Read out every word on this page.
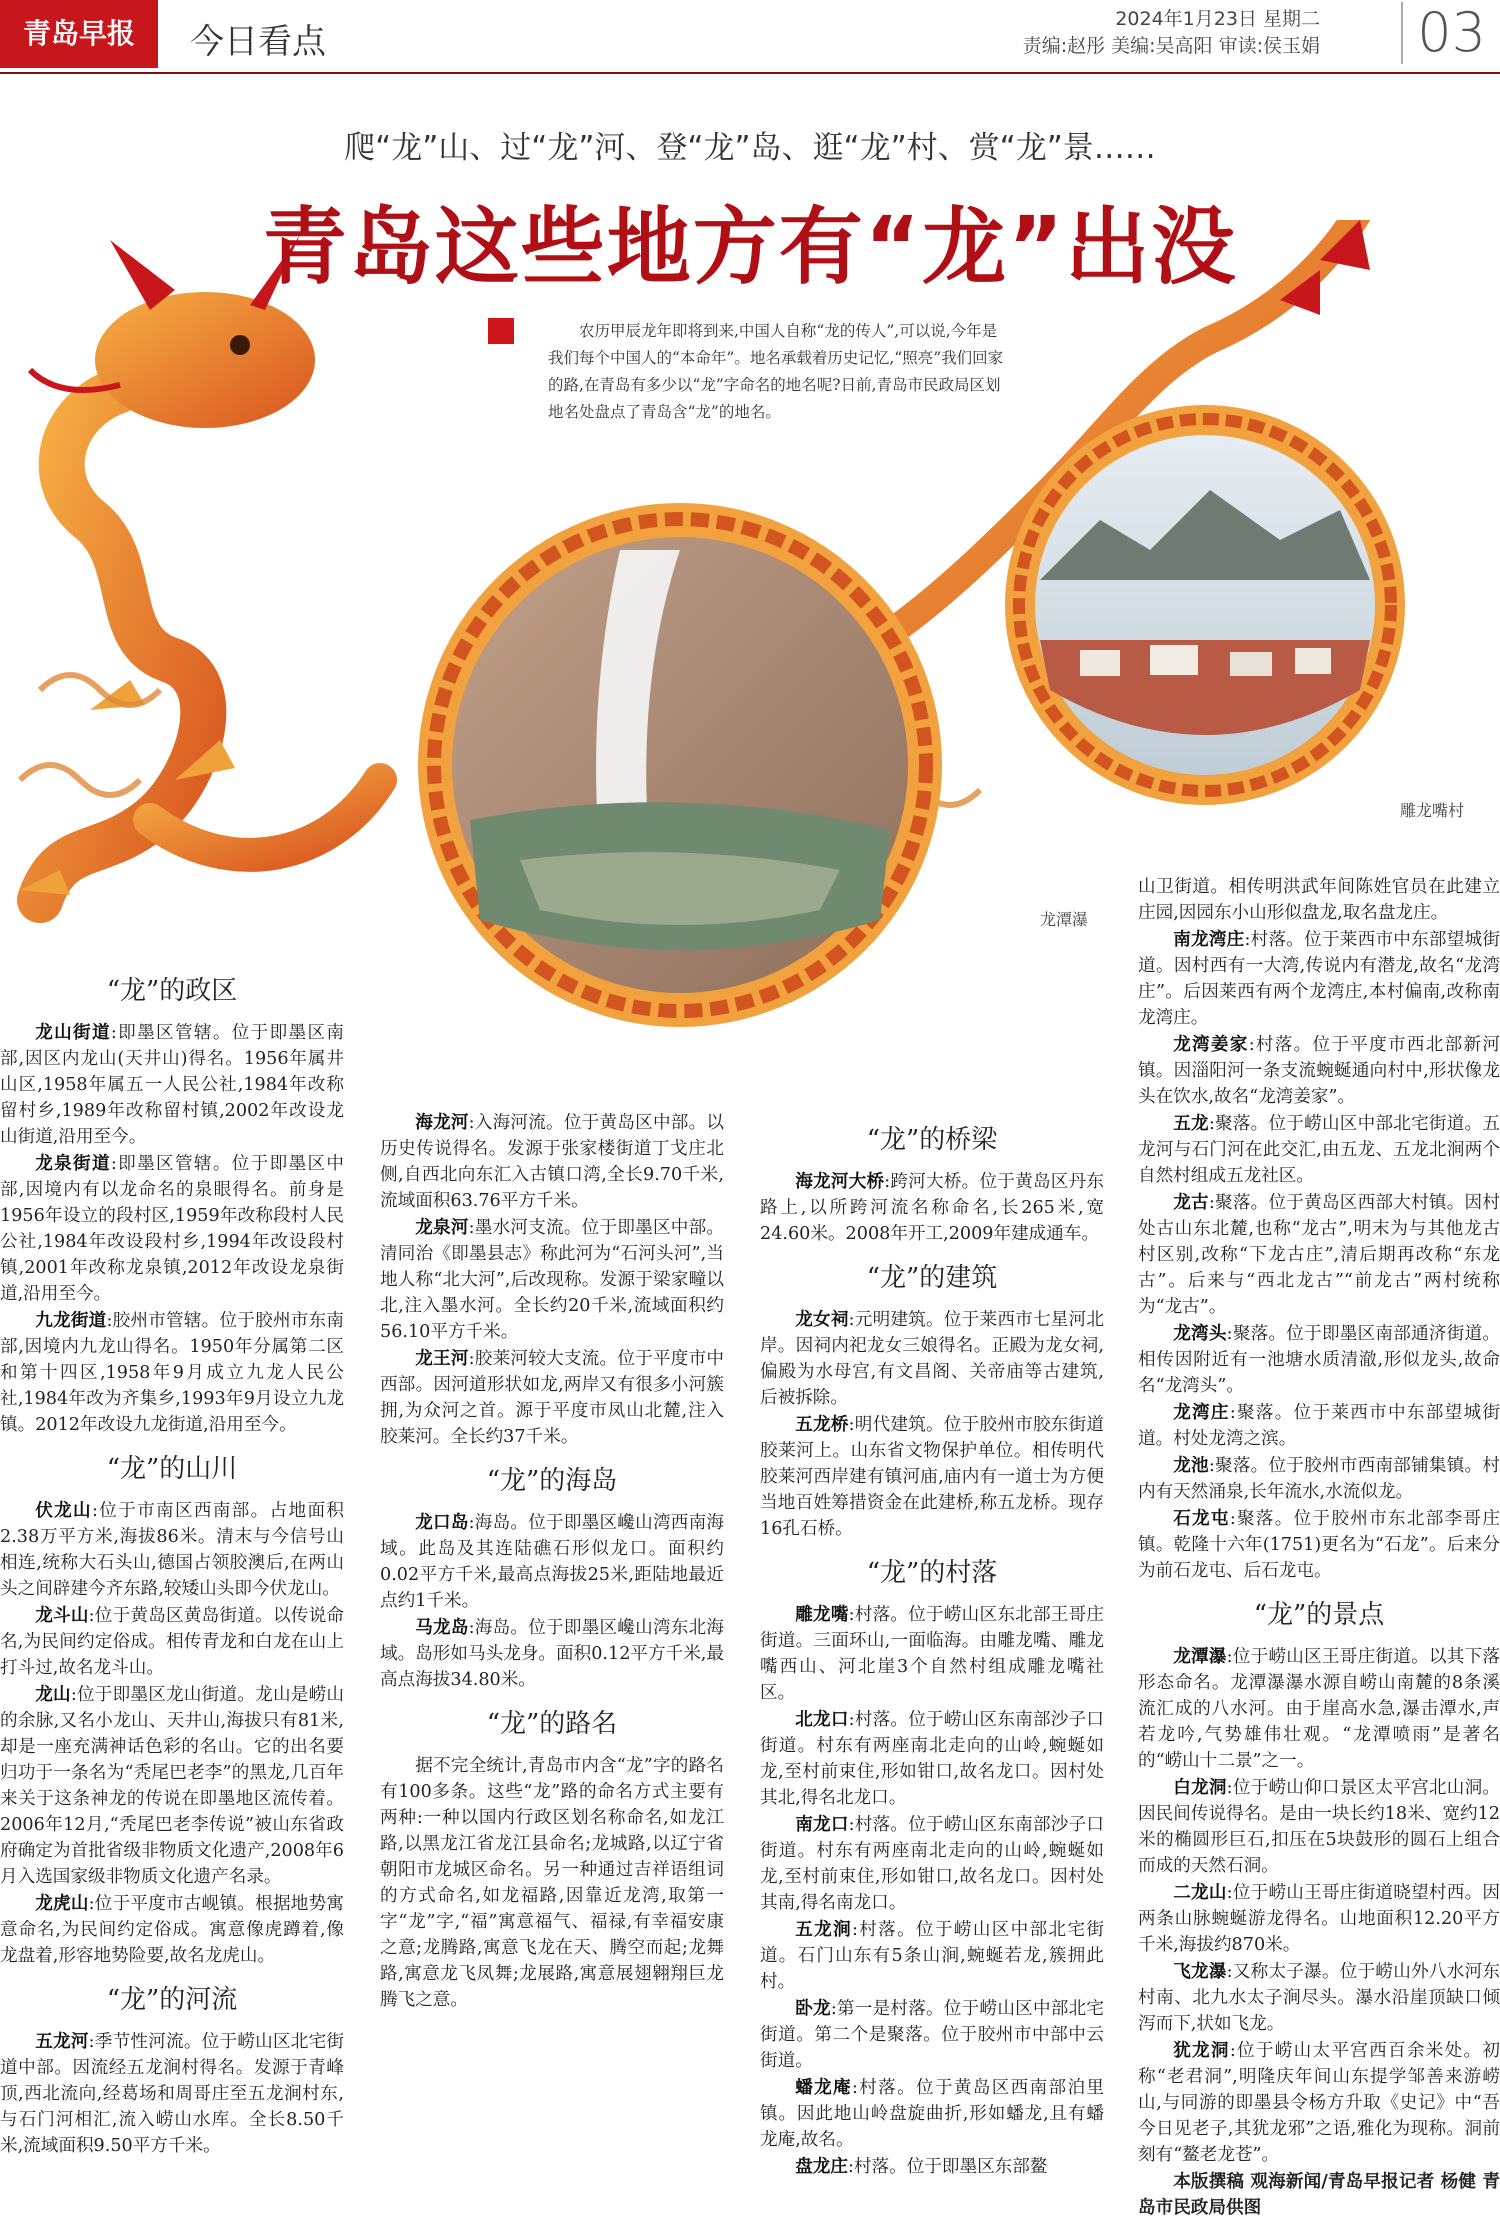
青岛早报	今日看点
2024年1月23日 星期二
责编:赵彤 美编:吴高阳 审读:侯玉娟 03
爬“龙”山、过“龙”河、登“龙”岛、逛“龙”村、赏“龙”景……
青岛这些地方有“龙”出没
农历甲辰龙年即将到来,中国人自称“龙的传人”,可以说,今年是我们每个中国人的“本命年”。地名承载着历史记忆,“照亮”我们回家的路,在青岛有多少以“龙”字命名的地名呢?日前,青岛市民政局区划地名处盘点了青岛含“龙”的地名。
龙潭瀑
雕龙嘴村
“龙”的政区

龙山街道:即墨区管辖。位于即墨区南部,因区内龙山(天井山)得名。1956年属井山区,1958年属五一人民公社,1984年改称留村乡,1989年改称留村镇,2002年改设龙山街道,沿用至今。

龙泉街道:即墨区管辖。位于即墨区中部,因境内有以龙命名的泉眼得名。前身是1956年设立的段村区,1959年改称段村人民公社,1984年改设段村乡,1994年改设段村镇,2001年改称龙泉镇,2012年改设龙泉街道,沿用至今。

九龙街道:胶州市管辖。位于胶州市东南部,因境内九龙山得名。1950年分属第二区和第十四区,1958年9月成立九龙人民公社,1984年改为齐集乡,1993年9月设立九龙镇。2012年改设九龙街道,沿用至今。

“龙”的山川

伏龙山:位于市南区西南部。占地面积2.38万平方米,海拔86米。清末与今信号山相连,统称大石头山,德国占领胶澳后,在两山头之间辟建今齐东路,较矮山头即今伏龙山。

龙斗山:位于黄岛区黄岛街道。以传说命名,为民间约定俗成。相传青龙和白龙在山上打斗过,故名龙斗山。

龙山:位于即墨区龙山街道。龙山是崂山的余脉,又名小龙山、天井山,海拔只有81米,却是一座充满神话色彩的名山。它的出名要归功于一条名为“秃尾巴老李”的黑龙,几百年来关于这条神龙的传说在即墨地区流传着。2006年12月,“秃尾巴老李传说”被山东省政府确定为首批省级非物质文化遗产,2008年6月入选国家级非物质文化遗产名录。

龙虎山:位于平度市古岘镇。根据地势寓意命名,为民间约定俗成。寓意像虎蹲着,像龙盘着,形容地势险要,故名龙虎山。

“龙”的河流

五龙河:季节性河流。位于崂山区北宅街道中部。因流经五龙涧村得名。发源于青峰顶,西北流向,经葛场和周哥庄至五龙涧村东,与石门河相汇,流入崂山水库。全长8.50千米,流域面积9.50平方千米。

海龙河:入海河流。位于黄岛区中部。以历史传说得名。发源于张家楼街道丁戈庄北侧,自西北向东汇入古镇口湾,全长9.70千米,流域面积63.76平方千米。

龙泉河:墨水河支流。位于即墨区中部。清同治《即墨县志》称此河为“石河头河”,当地人称“北大河”,后改现称。发源于梁家疃以北,注入墨水河。全长约20千米,流域面积约56.10平方千米。

龙王河:胶莱河较大支流。位于平度市中西部。因河道形状如龙,两岸又有很多小河簇拥,为众河之首。源于平度市凤山北麓,注入胶莱河。全长约37千米。

“龙”的海岛

龙口岛:海岛。位于即墨区巉山湾西南海域。此岛及其连陆礁石形似龙口。面积约0.02平方千米,最高点海拔25米,距陆地最近点约1千米。

马龙岛:海岛。位于即墨区巉山湾东北海域。岛形如马头龙身。面积0.12平方千米,最高点海拔34.80米。

“龙”的路名

据不完全统计,青岛市内含“龙”字的路名有100多条。这些“龙”路的命名方式主要有两种:一种以国内行政区划名称命名,如龙江路,以黑龙江省龙江县命名;龙城路,以辽宁省朝阳市龙城区命名。另一种通过吉祥语组词的方式命名,如龙福路,因靠近龙湾,取第一字“龙”字,“福”寓意福气、福禄,有幸福安康之意;龙腾路,寓意飞龙在天、腾空而起;龙舞路,寓意龙飞凤舞;龙展路,寓意展翅翱翔巨龙腾飞之意。

“龙”的桥梁

海龙河大桥:跨河大桥。位于黄岛区丹东路上,以所跨河流名称命名,长265米,宽24.60米。2008年开工,2009年建成通车。

“龙”的建筑

龙女祠:元明建筑。位于莱西市七星河北岸。因祠内祀龙女三娘得名。正殿为龙女祠,偏殿为水母宫,有文昌阁、关帝庙等古建筑,后被拆除。

五龙桥:明代建筑。位于胶州市胶东街道胶莱河上。山东省文物保护单位。相传明代胶莱河西岸建有镇河庙,庙内有一道士为方便当地百姓筹措资金在此建桥,称五龙桥。现存16孔石桥。

“龙”的村落

雕龙嘴:村落。位于崂山区东北部王哥庄街道。三面环山,一面临海。由雕龙嘴、雕龙嘴西山、河北崖3个自然村组成雕龙嘴社区。

北龙口:村落。位于崂山区东南部沙子口街道。村东有两座南北走向的山岭,蜿蜒如龙,至村前束住,形如钳口,故名龙口。因村处其北,得名北龙口。

南龙口:村落。位于崂山区东南部沙子口街道。村东有两座南北走向的山岭,蜿蜒如龙,至村前束住,形如钳口,故名龙口。因村处其南,得名南龙口。

五龙涧:村落。位于崂山区中部北宅街道。石门山东有5条山涧,蜿蜒若龙,簇拥此村。

卧龙:第一是村落。位于崂山区中部北宅街道。第二个是聚落。位于胶州市中部中云街道。

蟠龙庵:村落。位于黄岛区西南部泊里镇。因此地山岭盘旋曲折,形如蟠龙,且有蟠龙庵,故名。

盘龙庄:村落。位于即墨区东部鳌

山卫街道。相传明洪武年间陈姓官员在此建立庄园,因园东小山形似盘龙,取名盘龙庄。

南龙湾庄:村落。位于莱西市中东部望城街道。因村西有一大湾,传说内有潜龙,故名“龙湾庄”。后因莱西有两个龙湾庄,本村偏南,改称南龙湾庄。

龙湾姜家:村落。位于平度市西北部新河镇。因淄阳河一条支流蜿蜒通向村中,形状像龙头在饮水,故名“龙湾姜家”。

五龙:聚落。位于崂山区中部北宅街道。五龙河与石门河在此交汇,由五龙、五龙北涧两个自然村组成五龙社区。

龙古:聚落。位于黄岛区西部大村镇。因村处古山东北麓,也称“龙古”,明末为与其他龙古村区别,改称“下龙古庄”,清后期再改称“东龙古”。后来与“西北龙古”“前龙古”两村统称为“龙古”。

龙湾头:聚落。位于即墨区南部通济街道。相传因附近有一池塘水质清澈,形似龙头,故命名“龙湾头”。

龙湾庄:聚落。位于莱西市中东部望城街道。村处龙湾之滨。

龙池:聚落。位于胶州市西南部铺集镇。村内有天然涌泉,长年流水,水流似龙。

石龙屯:聚落。位于胶州市东北部李哥庄镇。乾隆十六年(1751)更名为“石龙”。后来分为前石龙屯、后石龙屯。

“龙”的景点

龙潭瀑:位于崂山区王哥庄街道。以其下落形态命名。龙潭瀑瀑水源自崂山南麓的8条溪流汇成的八水河。由于崖高水急,瀑击潭水,声若龙吟,气势雄伟壮观。“龙潭喷雨”是著名的“崂山十二景”之一。

白龙洞:位于崂山仰口景区太平宫北山洞。因民间传说得名。是由一块长约18米、宽约12米的椭圆形巨石,扣压在5块鼓形的圆石上组合而成的天然石洞。

二龙山:位于崂山王哥庄街道晓望村西。因两条山脉蜿蜒游龙得名。山地面积12.20平方千米,海拔约870米。

飞龙瀑:又称太子瀑。位于崂山外八水河东村南、北九水太子涧尽头。瀑水沿崖顶缺口倾泻而下,状如飞龙。

犹龙洞:位于崂山太平宫西百余米处。初称“老君洞”,明隆庆年间山东提学邹善来游崂山,与同游的即墨县令杨方升取《史记》中“吾今日见老子,其犹龙邪”之语,雅化为现称。洞前刻有“鳌老龙苍”。

本版撰稿 观海新闻/青岛早报记者 杨健 青岛市民政局供图
